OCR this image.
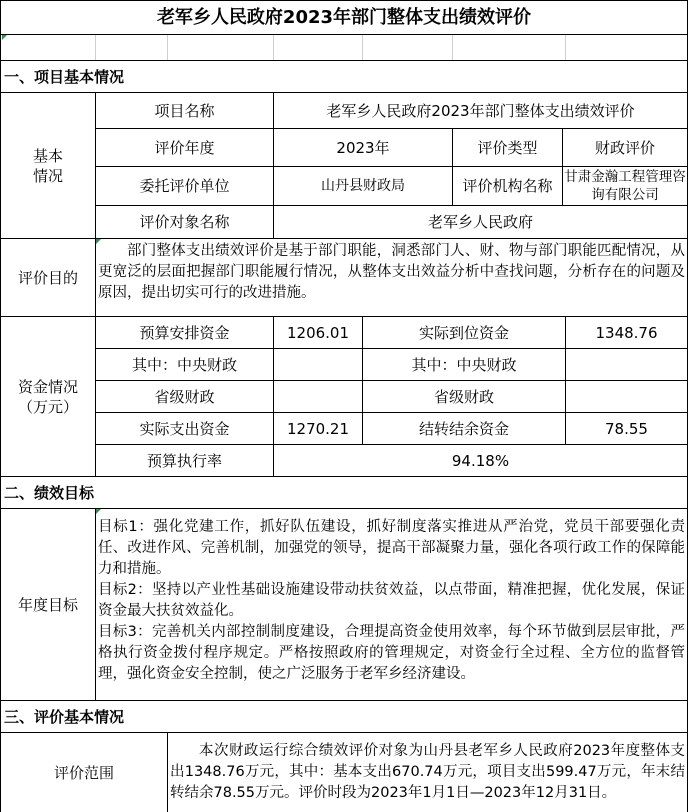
老军乡人民政府2023年部门整体支出绩效评价
一、项目基本情况
基本
情况
项目名称	老军乡人民政府2023年部门整体支出绩效评价
评价年度	2023年	评价类型	财政评价
委托评价单位	山丹县财政局	评价机构名称 甘肃金瀚工程管理咨询有限公司
评价对象名称	老军乡人民政府
评价目的

部门整体支出绩效评价是基于部门职能，洞悉部门人、财、物与部门职能匹配情况，从更宽泛的层面把握部门职能履行情况，从整体支出效益分析中查找问题，分析存在的问题及原因，提出切实可行的改进措施。

资金情况
（万元）
预算安排资金	1206.01	实际到位资金	1348.76
其中：中央财政	其中：中央财政
省级财政	省级财政
实际支出资金	1270.21	结转结余资金	78.55
预算执行率	94.18%
二、绩效目标
年度目标

目标1：强化党建工作，抓好队伍建设，抓好制度落实推进从严治党，党员干部要强化责任、改进作风、完善机制，加强党的领导，提高干部凝聚力量，强化各项行政工作的保障能力和措施。

目标2：坚持以产业性基础设施建设带动扶贫效益，以点带面，精准把握，优化发展，保证资金最大扶贫效益化。

目标3：完善机关内部控制制度建设，合理提高资金使用效率，每个环节做到层层审批，严格执行资金拨付程序规定。严格按照政府的管理规定，对资金行全过程、全方位的监督管理，强化资金安全控制，使之广泛服务于老军乡经济建设。

三、评价基本情况
评价范围

本次财政运行综合绩效评价对象为山丹县老军乡人民政府2023年度整体支出1348.76万元，其中：基本支出670.74万元，项目支出599.47万元，年末结转结余78.55万元。评价时段为2023年1月1日—2023年12月31日。
